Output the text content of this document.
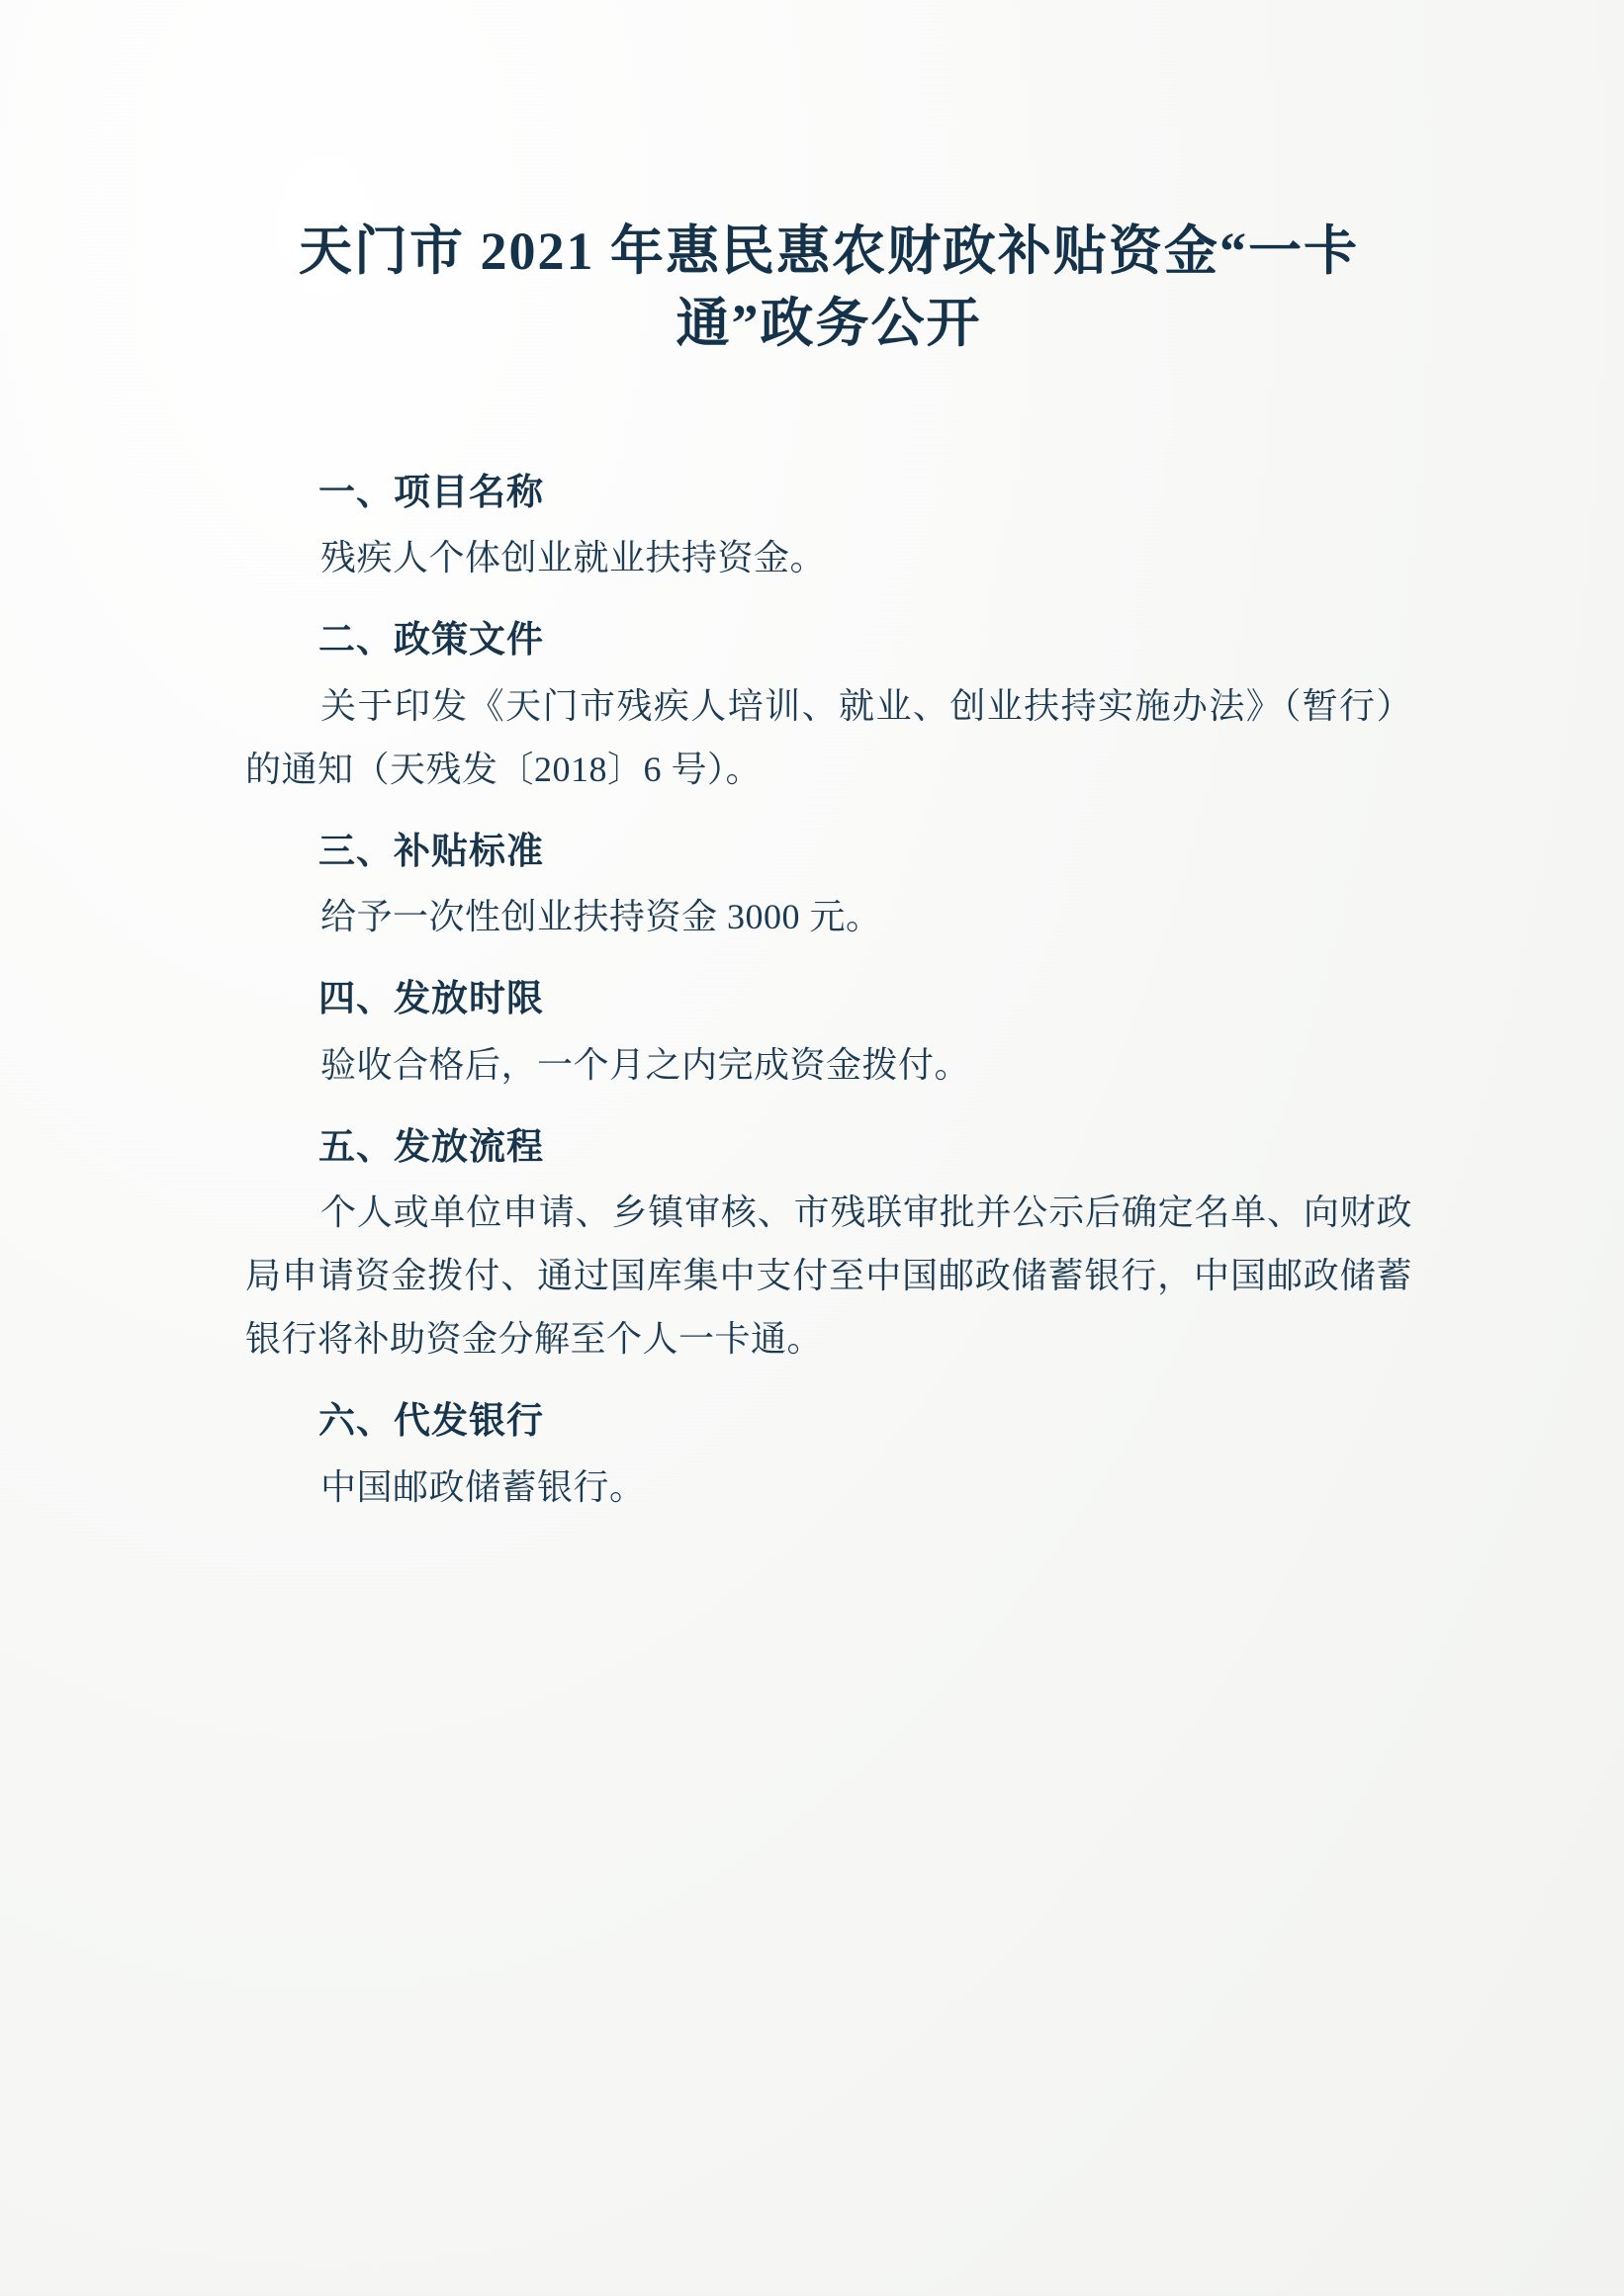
天门市 2021 年惠民惠农财政补贴资金“一卡通”政务公开
一、项目名称

残疾人个体创业就业扶持资金。

二、政策文件

关于印发《天门市残疾人培训、就业、创业扶持实施办法》（暂行）的通知（天残发〔2018〕6 号）。

三、补贴标准

给予一次性创业扶持资金 3000 元。

四、发放时限

验收合格后，一个月之内完成资金拨付。

五、发放流程

个人或单位申请、乡镇审核、市残联审批并公示后确定名单、向财政局申请资金拨付、通过国库集中支付至中国邮政储蓄银行，中国邮政储蓄银行将补助资金分解至个人一卡通。

六、代发银行

中国邮政储蓄银行。
